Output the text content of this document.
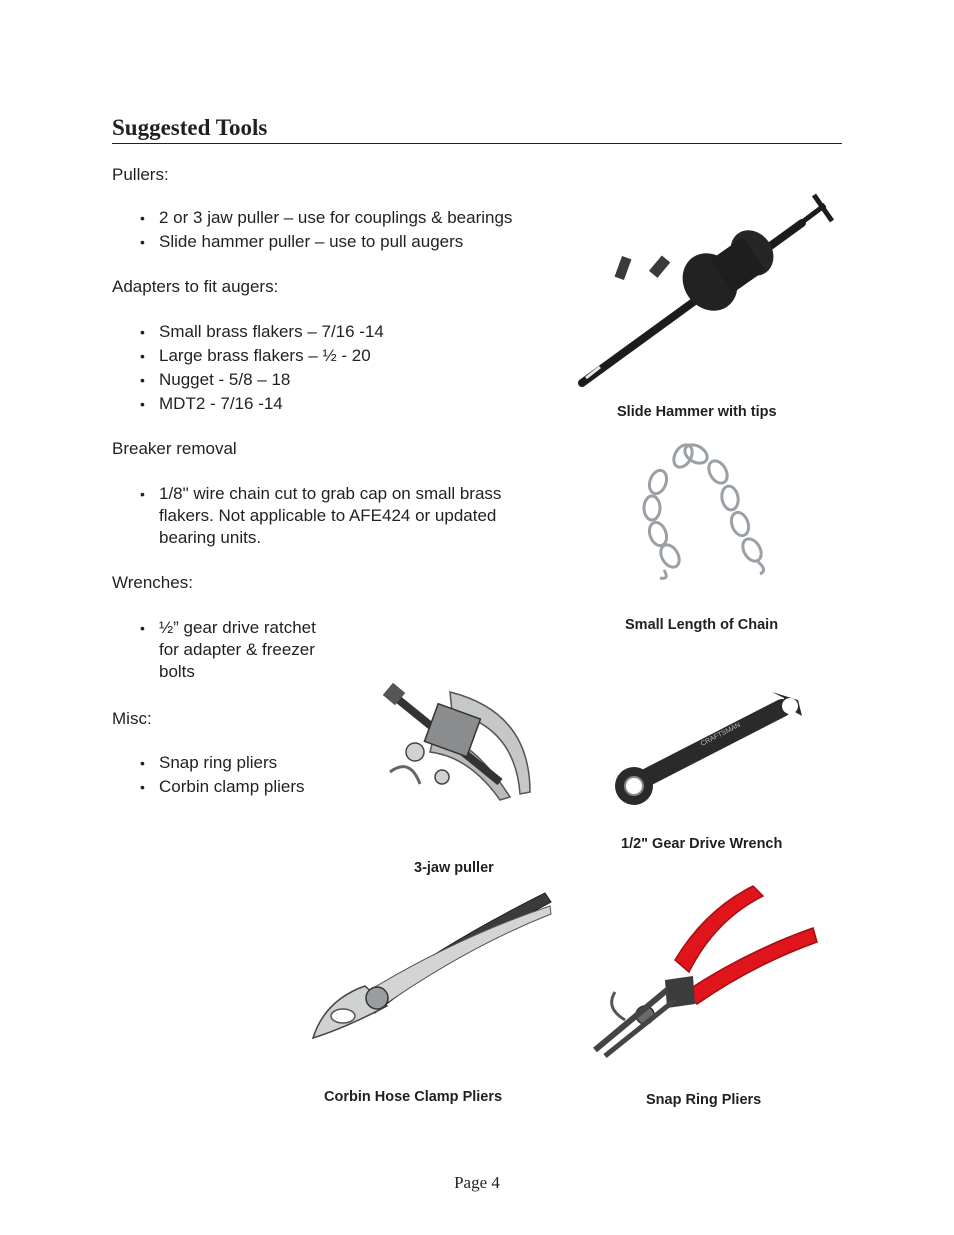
Suggested Tools
Pullers:
• 2 or 3 jaw puller – use for couplings & bearings
• Slide hammer puller – use to pull augers
Adapters to fit augers:
• Small brass flakers – 7/16 -14
• Large brass flakers – ½ - 20
• Nugget - 5/8 – 18
• MDT2 - 7/16 -14
Breaker removal
• 1/8" wire chain cut to grab cap on small brass flakers. Not applicable to AFE424 or updated bearing units.
Wrenches:
• ½” gear drive ratchet for adapter & freezer bolts
Misc:
• Snap ring pliers
• Corbin clamp pliers
Slide Hammer with tips
Small Length of Chain
3-jaw puller
CRAFTSMAN
1/2" Gear Drive Wrench
Corbin Hose Clamp Pliers	Snap Ring Pliers
Page 4
